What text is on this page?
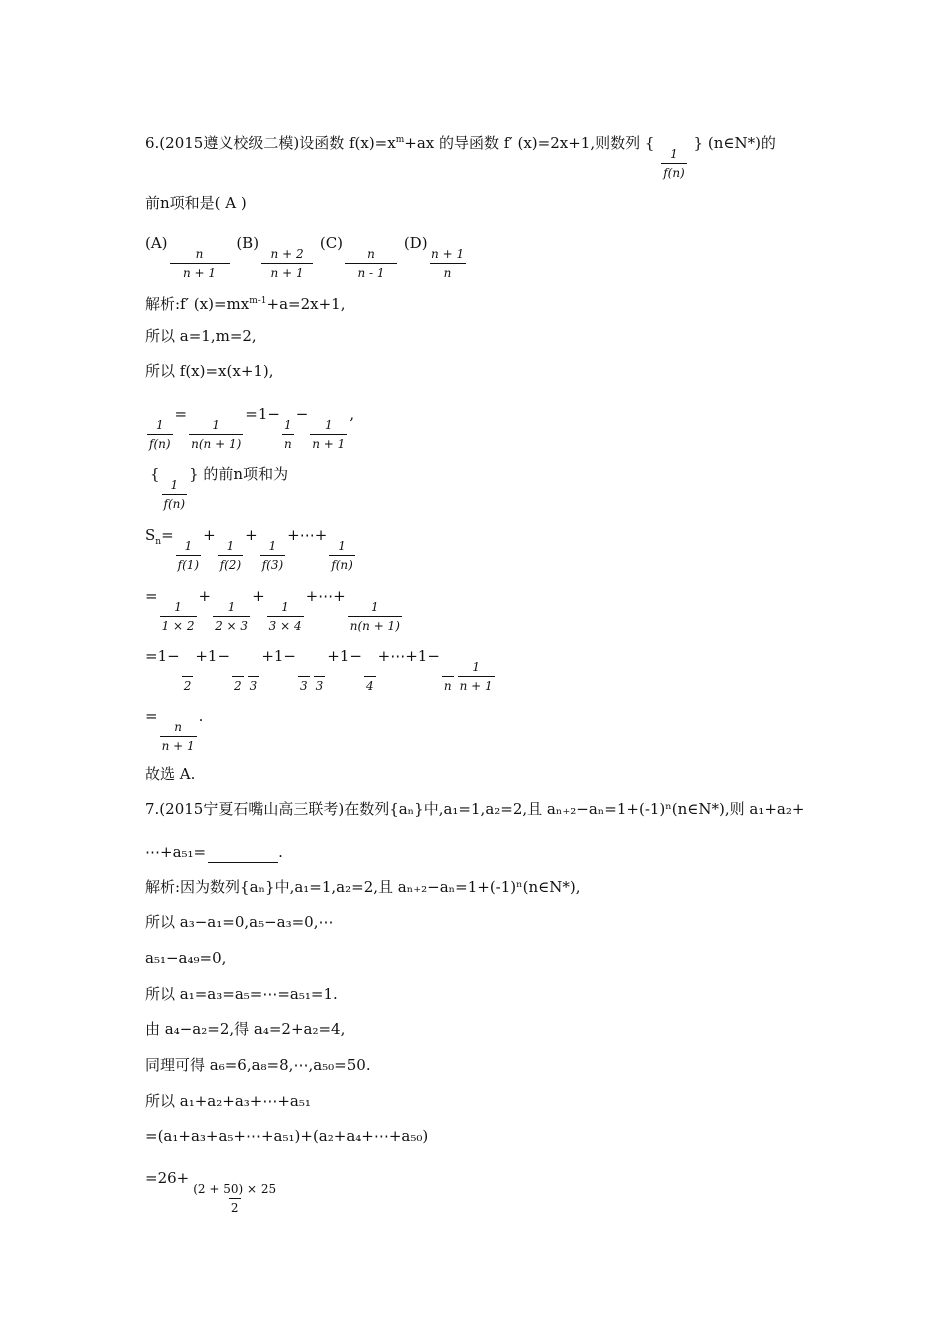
6.(2015遵义校级二模)设函数 $f(x)=x^m+ax$ 的导函数 f′ (x)=2x+1,则数列 {
$\frac{1}{f(n)}$
} (n∈N*)的
前n项和是( A )
(A)
$\frac{n}{n + 1}$
(B)
$\frac{n + 2}{n + 1}$
(C)
$\frac{n}{n - 1}$
(D)
$\frac{n + 1}{n}$
解析:f′ $(x)=mx^{m-1}+a=2x+1$,
所以 a=1,m=2,
所以 f(x)=x(x+1),
$\frac{1}{f(n)}$
=
$\frac{1}{n(n + 1)}$
=1−
$\frac{1}{n}$
−
$\frac{1}{n + 1}$
,
{
$\frac{1}{f(n)}$
} 的前n项和为
$S_n=$
$\frac{1}{f(1)}$
+
$\frac{1}{f(2)}$
+
$\frac{1}{f(3)}$
+⋯+
$\frac{1}{f(n)}$
=
$\frac{1}{1 \times 2}$
+
$\frac{1}{2 \times 3}$
+
$\frac{1}{3 \times 4}$
+⋯+
$\frac{1}{n(n + 1)}$
=1−

2
+1−

2
3
+1−

3
3
+1−

4
+⋯+1−

n $\frac{1}{n + 1}$
=
$\frac{n}{n + 1}$
.
故选 A.
7.(2015宁夏石嘴山高三联考)在数列{aₙ}中,a₁=1,a₂=2,且 aₙ₊₂−aₙ=1+(-1)ⁿ(n∈N*),则 a₁+a₂+
⋯+a₅₁=	.
解析:因为数列{aₙ}中,a₁=1,a₂=2,且 aₙ₊₂−aₙ=1+(-1)ⁿ(n∈N*),
所以 a₃−a₁=0,a₅−a₃=0,⋯
a₅₁−a₄₉=0,
所以 a₁=a₃=a₅=⋯=a₅₁=1.
由 a₄−a₂=2,得 a₄=2+a₂=4,
同理可得 a₆=6,a₈=8,⋯,a₅₀=50.
所以 a₁+a₂+a₃+⋯+a₅₁
=(a₁+a₃+a₅+⋯+a₅₁)+(a₂+a₄+⋯+a₅₀)
=26+
$\frac{(2 + 50) \times 25}{2}$
